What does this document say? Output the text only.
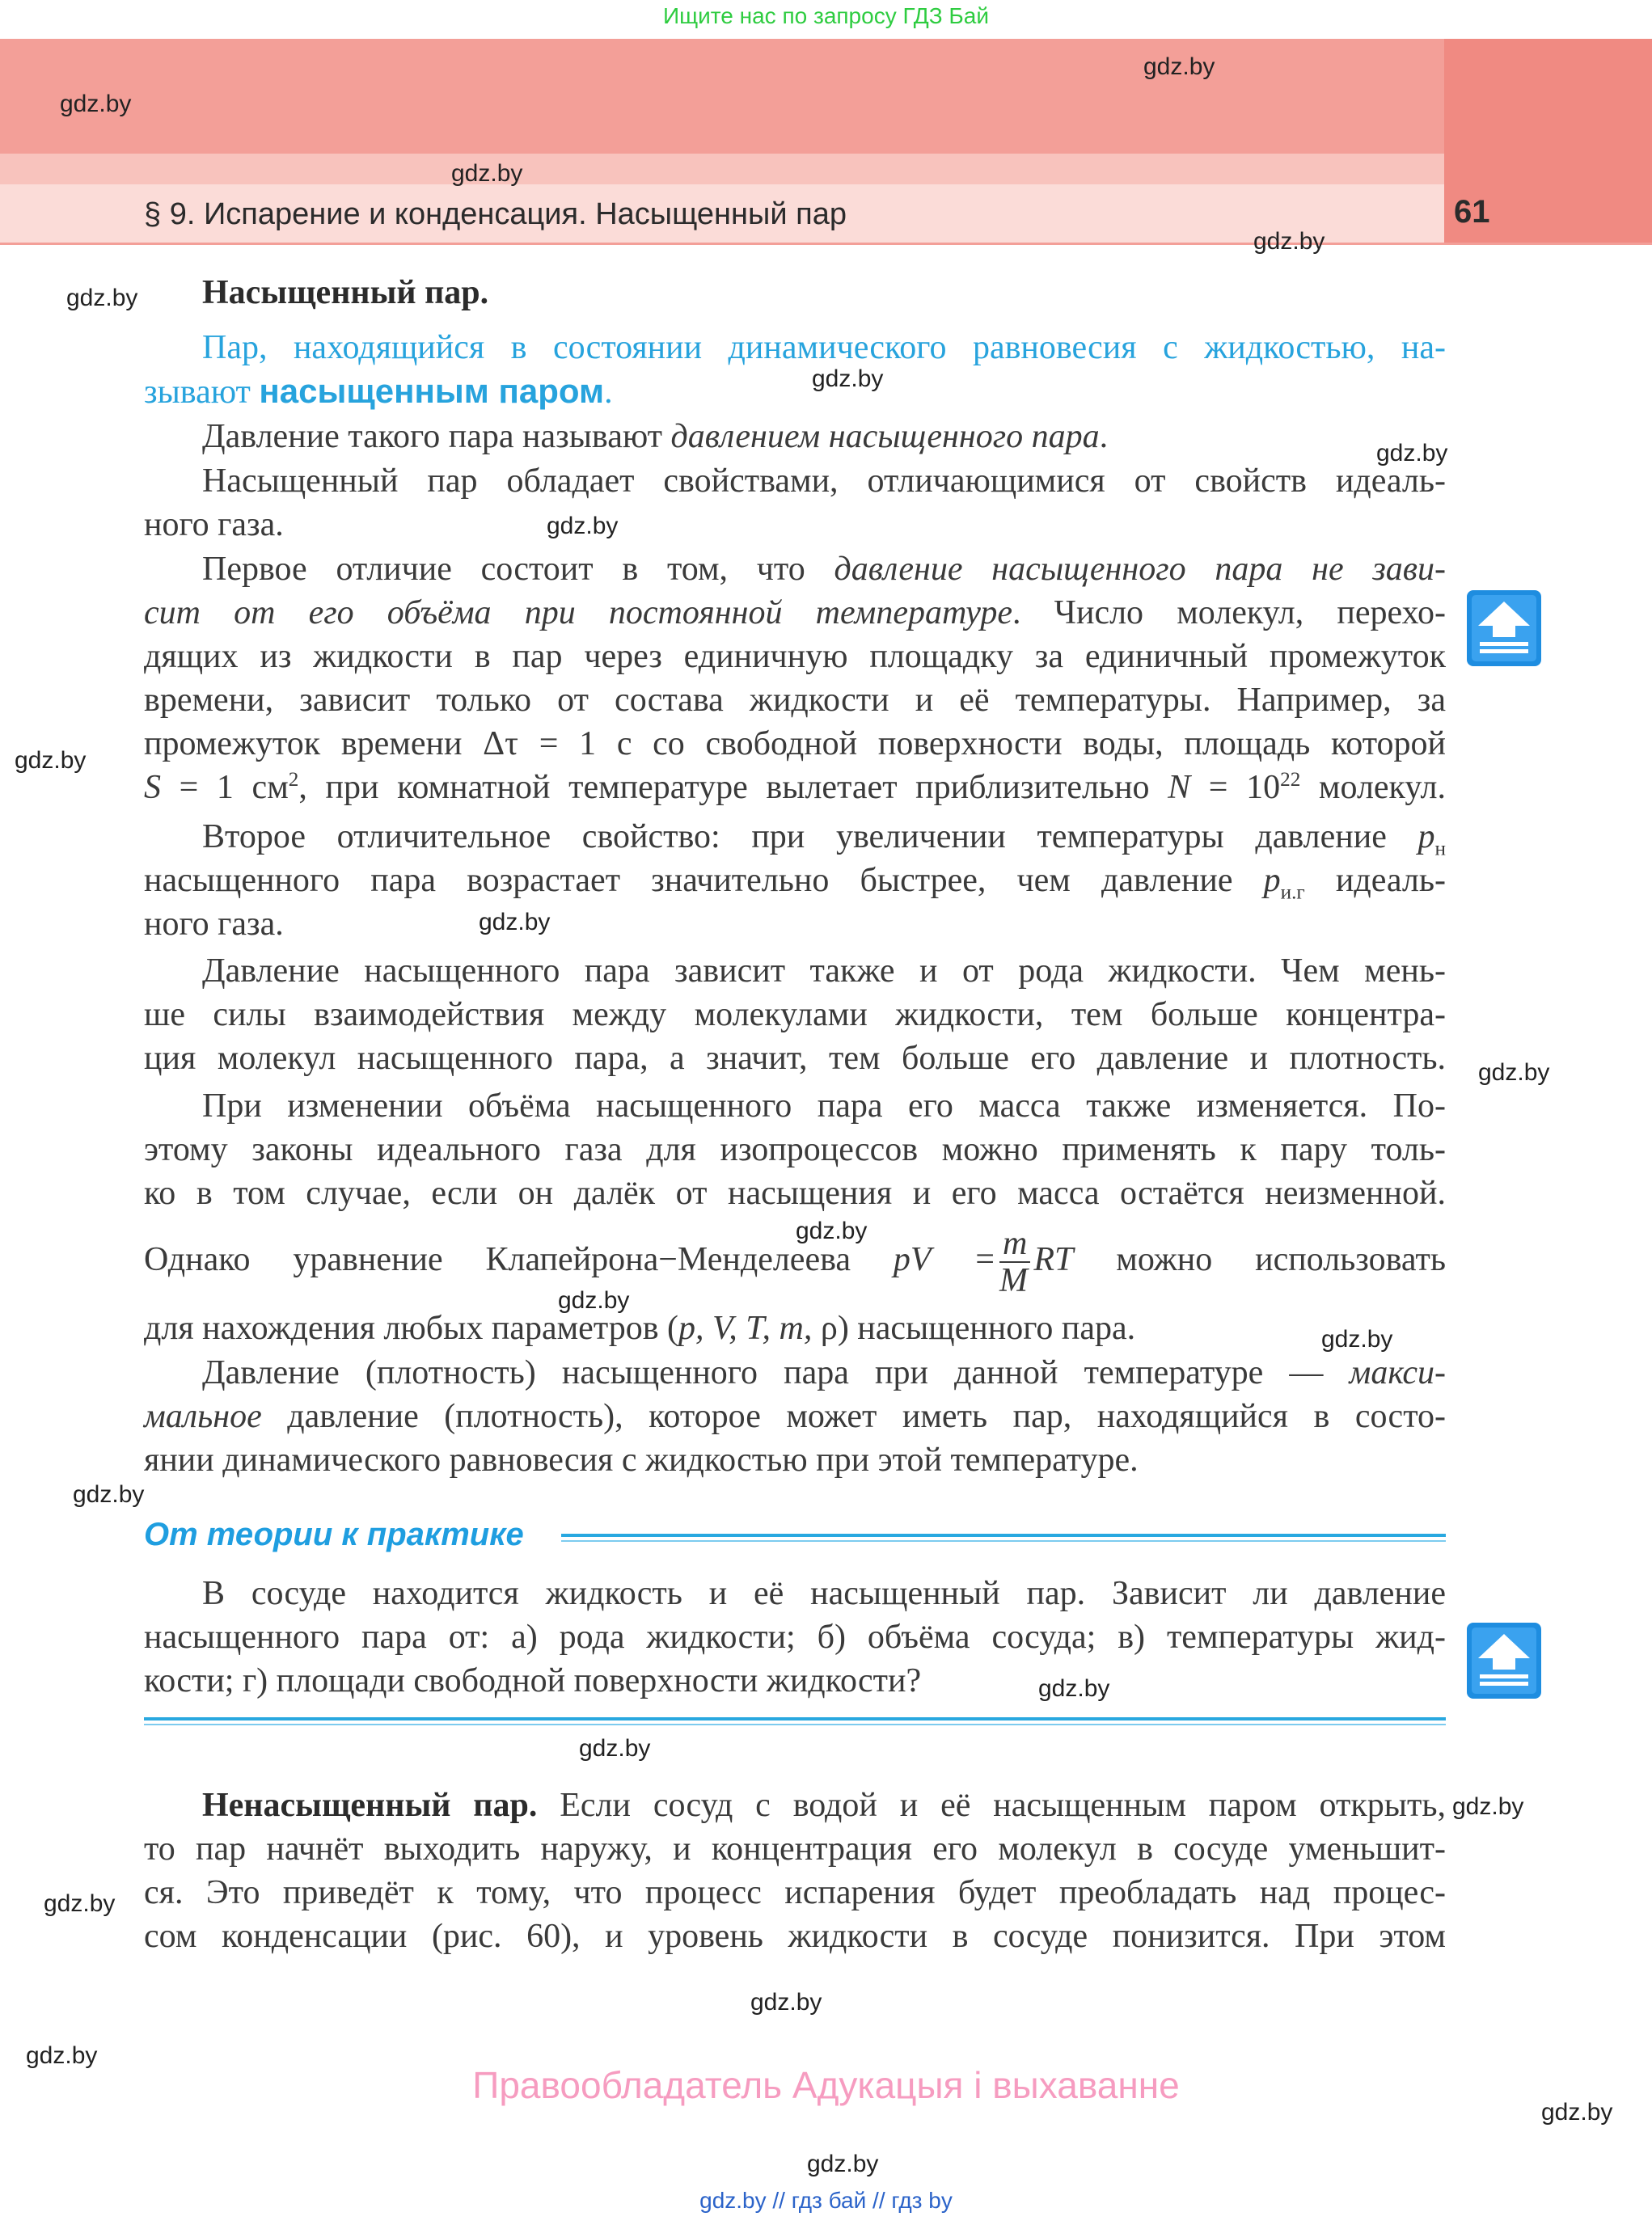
Ищите нас по запросу ГДЗ Бай
§ 9. Испарение и конденсация. Насыщенный пар	61
gdz.by
gdz.by
gdz.by
gdz.by
gdz.by
gdz.by
gdz.by
gdz.by
gdz.by
gdz.by
gdz.by
gdz.by
gdz.by
gdz.by
gdz.by
gdz.by
gdz.by
gdz.by
gdz.by
gdz.by
gdz.by
gdz.by
gdz.by
Насыщенный пар.
Пар, находящийся в состоянии динамического равновесия с жидкостью, на-
зывают насыщенным паром.
Давление такого пара называют давлением насыщенного пара.
Насыщенный пар обладает свойствами, отличающимися от свойств идеаль-
ного газа.
Первое отличие состоит в том, что давление насыщенного пара не зави-
сит от его объёма при постоянной температуре. Число молекул, перехо-
дящих из жидкости в пар через единичную площадку за единичный промежуток
времени, зависит только от состава жидкости и её температуры. Например, за
промежуток времени Δτ = 1 с со свободной поверхности воды, площадь которой
S = 1 $см^2$, при комнатной температуре вылетает приблизительно $N = 10^{22}$ молекул.
Второе отличительное свойство: при увеличении температуры давление $p_н$
насыщенного пара возрастает значительно быстрее, чем давление $p_{и.г}$ идеаль-
ного газа.
Давление насыщенного пара зависит также и от рода жидкости. Чем мень-
ше силы взаимодействия между молекулами жидкости, тем больше концентра-
ция молекул насыщенного пара, а значит, тем больше его давление и плотность.
При изменении объёма насыщенного пара его масса также изменяется. По-
этому законы идеального газа для изопроцессов можно применять к пару толь-
ко в том случае, если он далёк от насыщения и его масса остаётся неизменной.
Однако уравнение Клапейрона−Менделеева pV = $\frac{m}{M}$ RT можно использовать
для нахождения любых параметров (p, V, T, m, ρ) насыщенного пара.
Давление (плотность) насыщенного пара при данной температуре — макси-
мальное давление (плотность), которое может иметь пар, находящийся в состо-
янии динамического равновесия с жидкостью при этой температуре.
От теории к практике
В сосуде находится жидкость и её насыщенный пар. Зависит ли давление
насыщенного пара от: а) рода жидкости; б) объёма сосуда; в) температуры жид-
кости; г) площади свободной поверхности жидкости?
Ненасыщенный пар. Если сосуд с водой и её насыщенным паром открыть,
то пар начнёт выходить наружу, и концентрация его молекул в сосуде уменьшит-
ся. Это приведёт к тому, что процесс испарения будет преобладать над процес-
сом конденсации (рис. 60), и уровень жидкости в сосуде понизится. При этом
Правообладатель Адукацыя і выхаванне
gdz.by // гдз бай // гдз by
